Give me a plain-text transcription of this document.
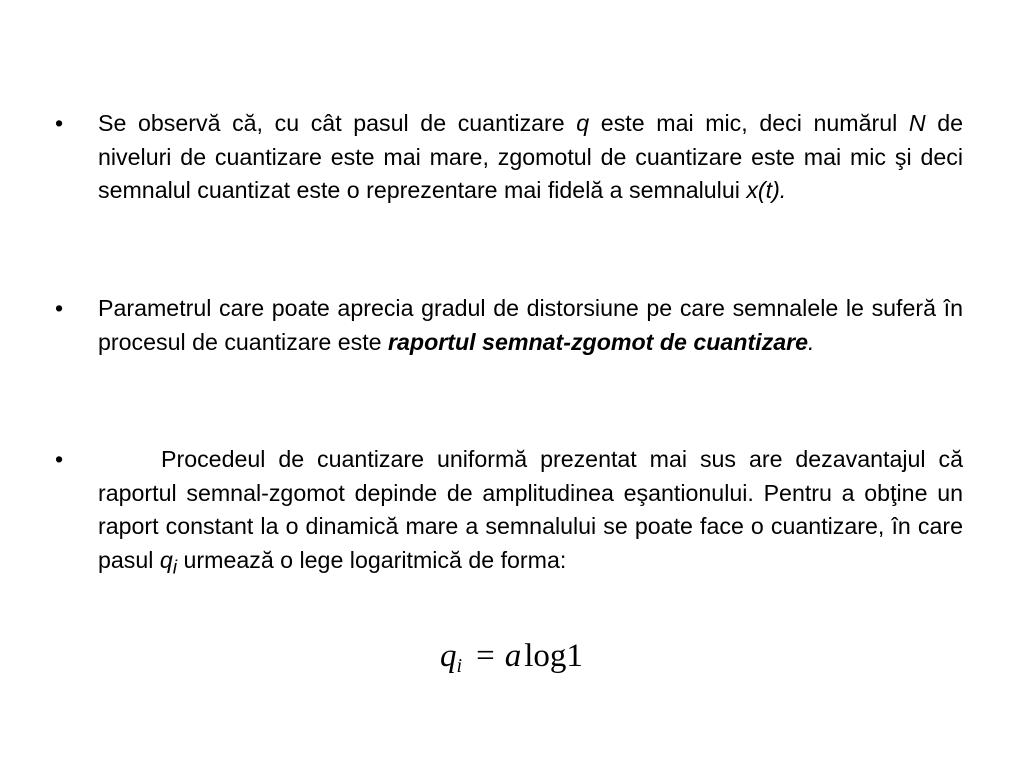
•	Se observă că, cu cât pasul de cuantizare q este mai mic, deci numărul N de niveluri de cuantizare este mai mare, zgomotul de cuantizare este mai mic şi deci semnalul cuantizat este o reprezentare mai fidelă a semnalului x(t).
•	Parametrul care poate aprecia gradul de distorsiune pe care semnalele le suferă în procesul de cuantizare este raportul semnat-zgomot de cuantizare.
•	Procedeul de cuantizare uniformă prezentat mai sus are dezavantajul că raportul semnal-zgomot depinde de amplitudinea eşantionului. Pentru a obţine un raport constant la o dinamică mare a semnalului se poate face o cuantizare, în care pasul $q_i$ urmează o lege logaritmică de forma:
$q_i = alog1$
